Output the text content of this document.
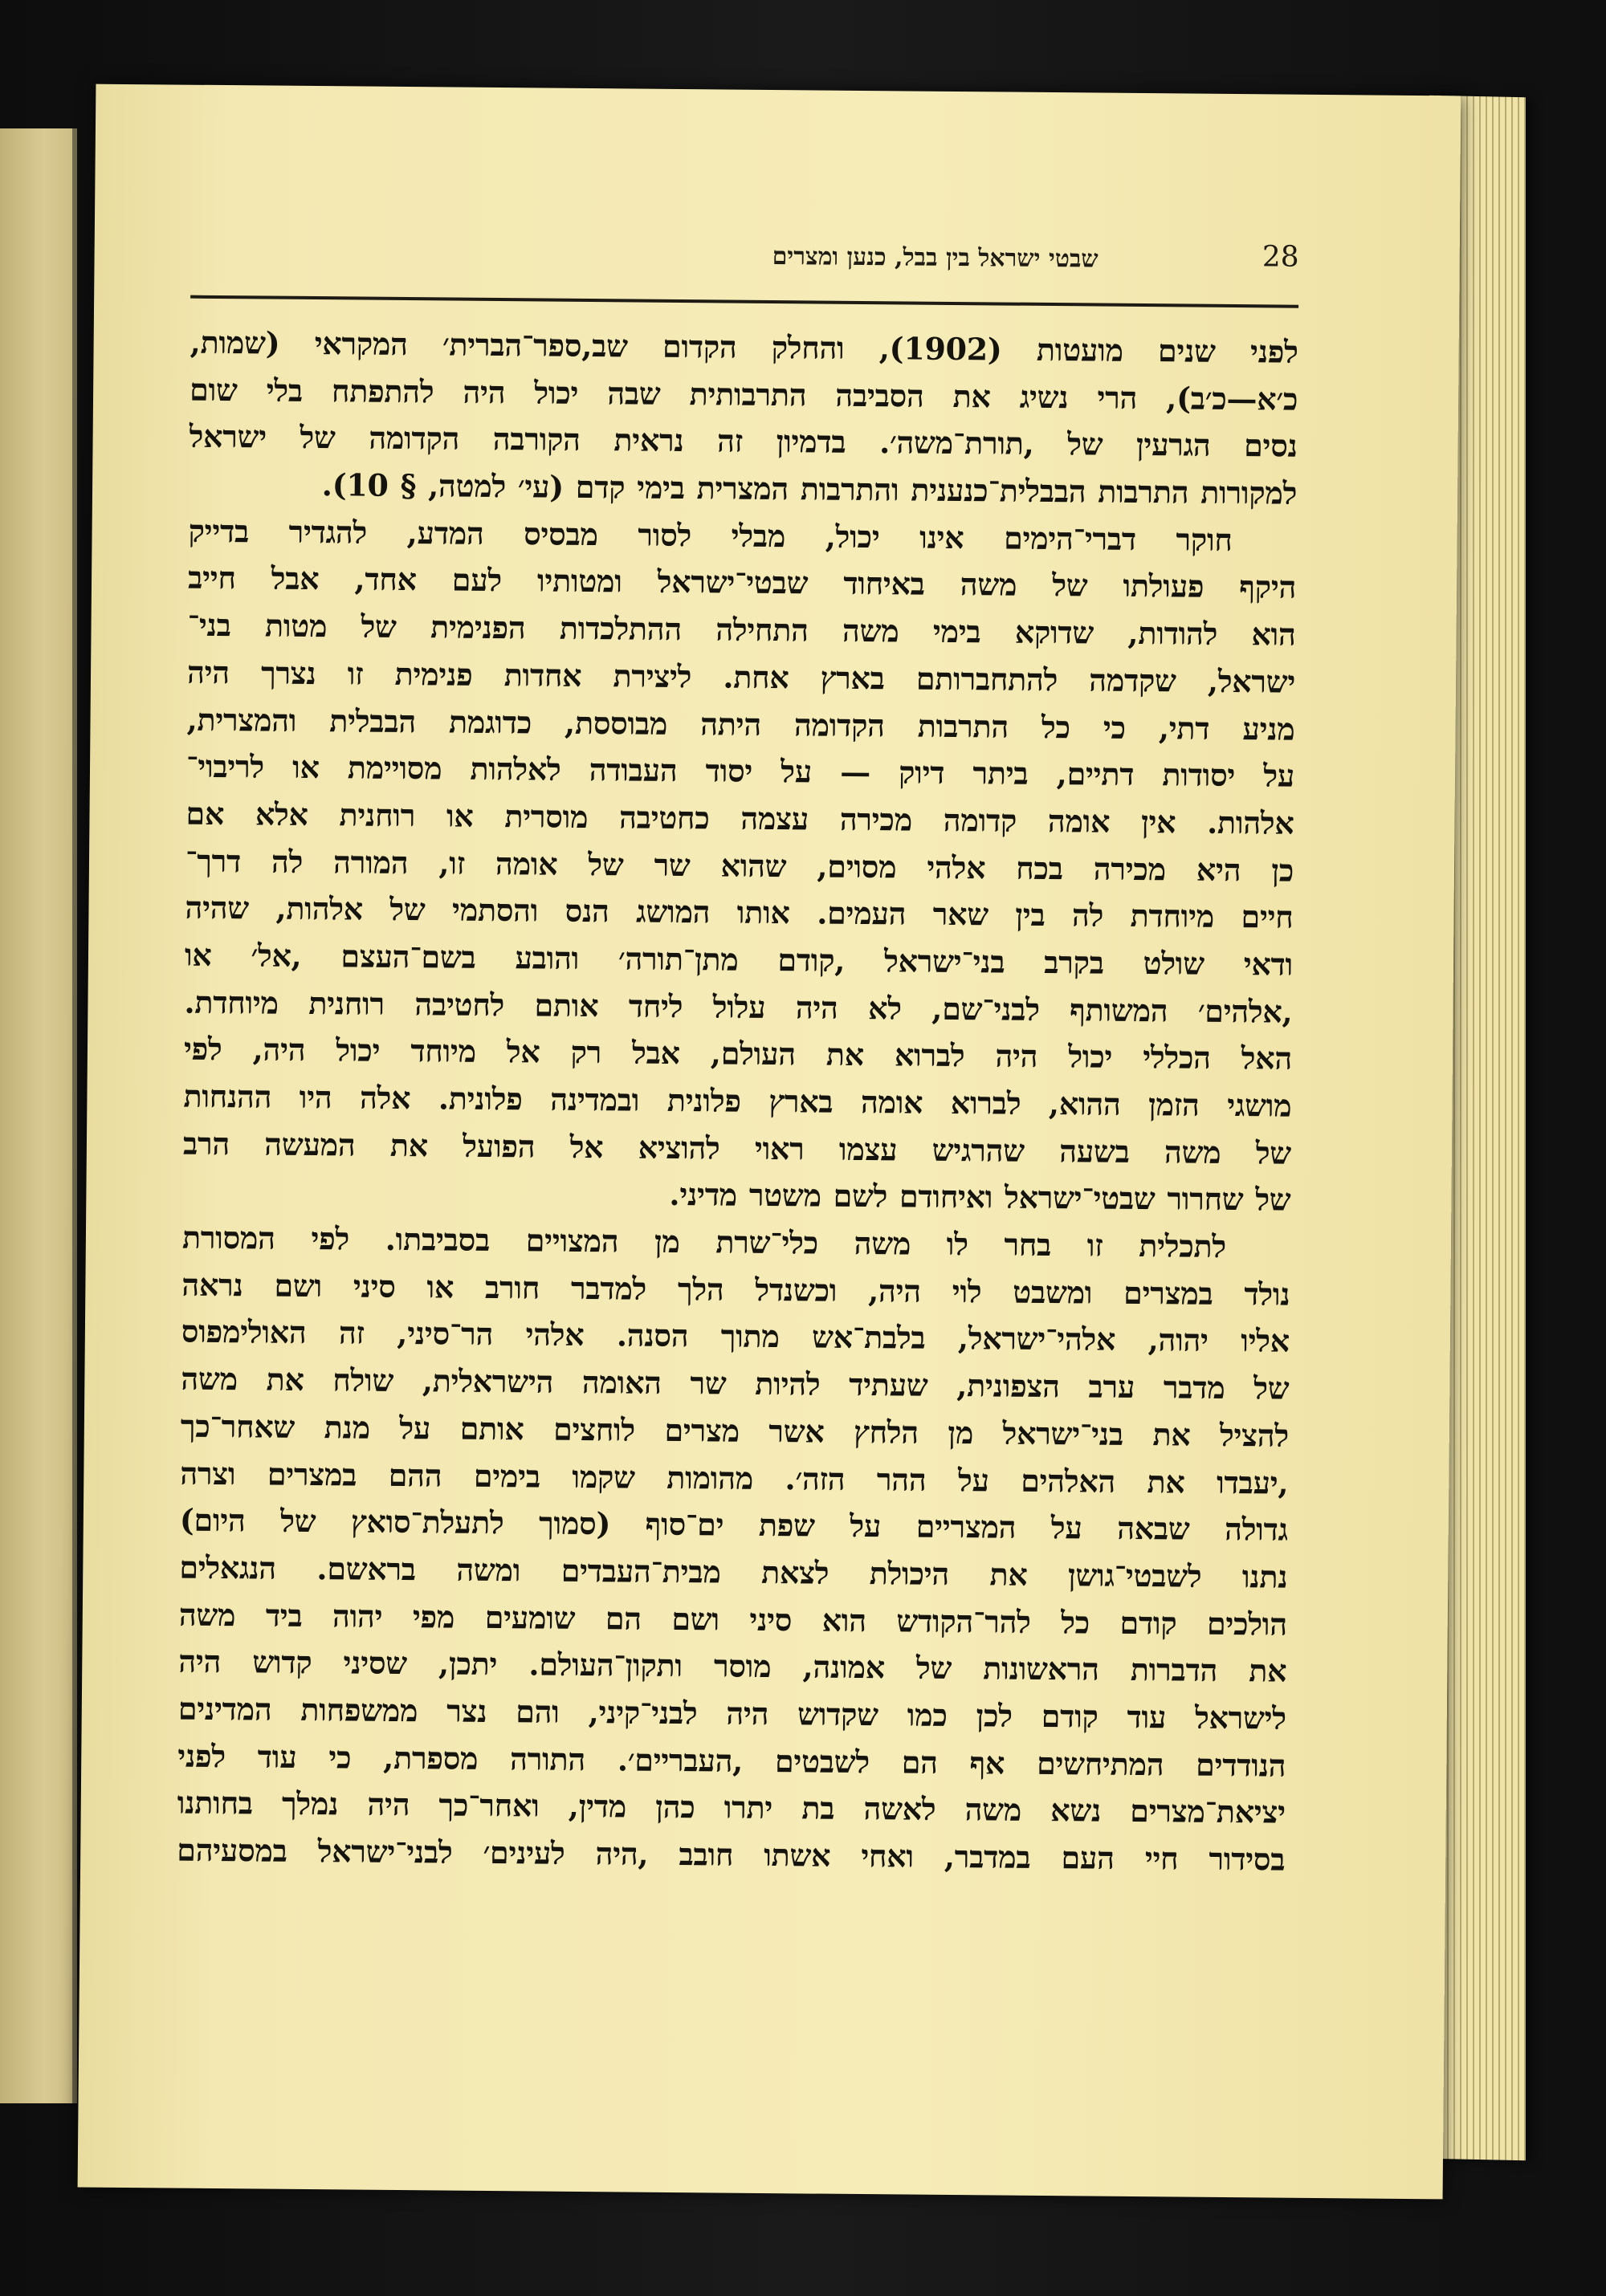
28
שבטי ישראל בין בבל, כנען ומצרים
לפני שנים מועטות (1902), והחלק הקדום שב,ספר־הברית׳ המקראי (שמות,
כ׳א—כ׳ב), הרי נשיג את הסביבה התרבותית שבה יכול היה להתפתח בלי שום
נסים הגרעין של ,תורת־משה׳. בדמיון זה נראית הקורבה הקדומה של ישראל
למקורות התרבות הבבלית־כנענית והתרבות המצרית בימי קדם (עי׳ למטה, § 10).
חוקר דברי־הימים אינו יכול, מבלי לסור מבסיס המדע, להגדיר בדייק
היקף פעולתו של משה באיחוד שבטי־ישראל ומטותיו לעם אחד, אבל חייב
הוא להודות, שדוקא בימי משה התחילה ההתלכדות הפנימית של מטות בני־
ישראל, שקדמה להתחברותם בארץ אחת. ליצירת אחדות פנימית זו נצרך היה
מניע דתי, כי כל התרבות הקדומה היתה מבוססת, כדוגמת הבבלית והמצרית,
על יסודות דתיים, ביתר דיוק — על יסוד העבודה לאלהות מסויימת או לריבוי־
אלהות. אין אומה קדומה מכירה עצמה כחטיבה מוסרית או רוחנית אלא אם
כן היא מכירה בכח אלהי מסוים, שהוא שר של אומה זו, המורה לה דרך־
חיים מיוחדת לה בין שאר העמים. אותו המושג הנס והסתמי של אלהות, שהיה
ודאי שולט בקרב בני־ישראל ,קודם מתן־תורה׳ והובע בשם־העצם ,אל׳ או
,אלהים׳ המשותף לבני־שם, לא היה עלול ליחד אותם לחטיבה רוחנית מיוחדת.
האל הכללי יכול היה לברוא את העולם, אבל רק אל מיוחד יכול היה, לפי
מושגי הזמן ההוא, לברוא אומה בארץ פלונית ובמדינה פלונית. אלה היו ההנחות
של משה בשעה שהרגיש עצמו ראוי להוציא אל הפועל את המעשה הרב
של שחרור שבטי־ישראל ואיחודם לשם משטר מדיני.
לתכלית זו בחר לו משה כלי־שרת מן המצויים בסביבתו. לפי המסורת
נולד במצרים ומשבט לוי היה, וכשנדל הלך למדבר חורב או סיני ושם נראה
אליו יהוה, אלהי־ישראל, בלבת־אש מתוך הסנה. אלהי הר־סיני, זה האולימפוס
של מדבר ערב הצפונית, שעתיד להיות שר האומה הישראלית, שולח את משה
להציל את בני־ישראל מן הלחץ אשר מצרים לוחצים אותם על מנת שאחר־כך
,יעבדו את האלהים על ההר הזה׳. מהומות שקמו בימים ההם במצרים וצרה
גדולה שבאה על המצריים על שפת ים־סוף (סמוך לתעלת־סואץ של היום)
נתנו לשבטי־גושן את היכולת לצאת מבית־העבדים ומשה בראשם. הנגאלים
הולכים קודם כל להר־הקודש הוא סיני ושם הם שומעים מפי יהוה ביד משה
את הדברות הראשונות של אמונה, מוסר ותקון־העולם. יתכן, שסיני קדוש היה
לישראל עוד קודם לכן כמו שקדוש היה לבני־קיני, והם נצר ממשפחות המדינים
הנודדים המתיחשים אף הם לשבטים ,העבריים׳. התורה מספרת, כי עוד לפני
יציאת־מצרים נשא משה לאשה בת יתרו כהן מדין, ואחר־כך היה נמלך בחותנו
בסידור חיי העם במדבר, ואחי אשתו חובב ,היה לעינים׳ לבני־ישראל במסעיהם
